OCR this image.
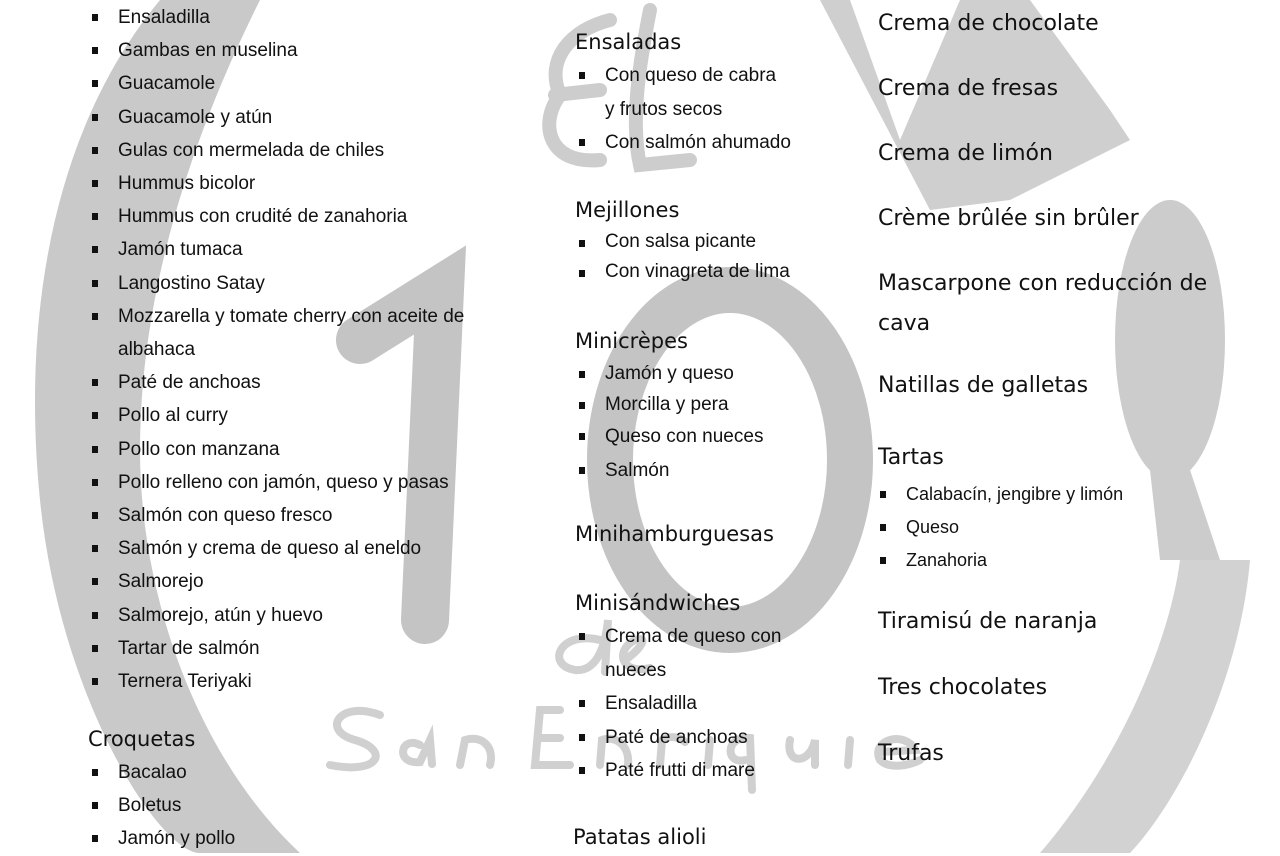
Ensaladilla
Gambas en muselina
Guacamole
Guacamole y atún
Gulas con mermelada de chiles
Hummus bicolor
Hummus con crudité de zanahoria
Jamón tumaca
Langostino Satay
Mozzarella y tomate cherry con aceite de albahaca
Paté de anchoas
Pollo al curry
Pollo con manzana
Pollo relleno con jamón, queso y pasas
Salmón con queso fresco
Salmón y crema de queso al eneldo
Salmorejo
Salmorejo, atún y huevo
Tartar de salmón
Ternera Teriyaki
Croquetas
Bacalao
Boletus
Jamón y pollo
Ensaladas
Con queso de cabra y frutos secos
Con salmón ahumado
Mejillones
Con salsa picante
Con vinagreta de lima
Minicrèpes
Jamón y queso
Morcilla y pera
Queso con nueces
Salmón
Minihamburguesas
Minisándwiches
Crema de queso con nueces
Ensaladilla
Paté de anchoas
Paté frutti di mare
Patatas alioli
Crema de chocolate
Crema de fresas
Crema de limón
Crème brûlée sin brûler
Mascarpone con reducción de cava
Natillas de galletas
Tartas
Calabacín, jengibre y limón
Queso
Zanahoria
Tiramisú de naranja
Tres chocolates
Trufas
